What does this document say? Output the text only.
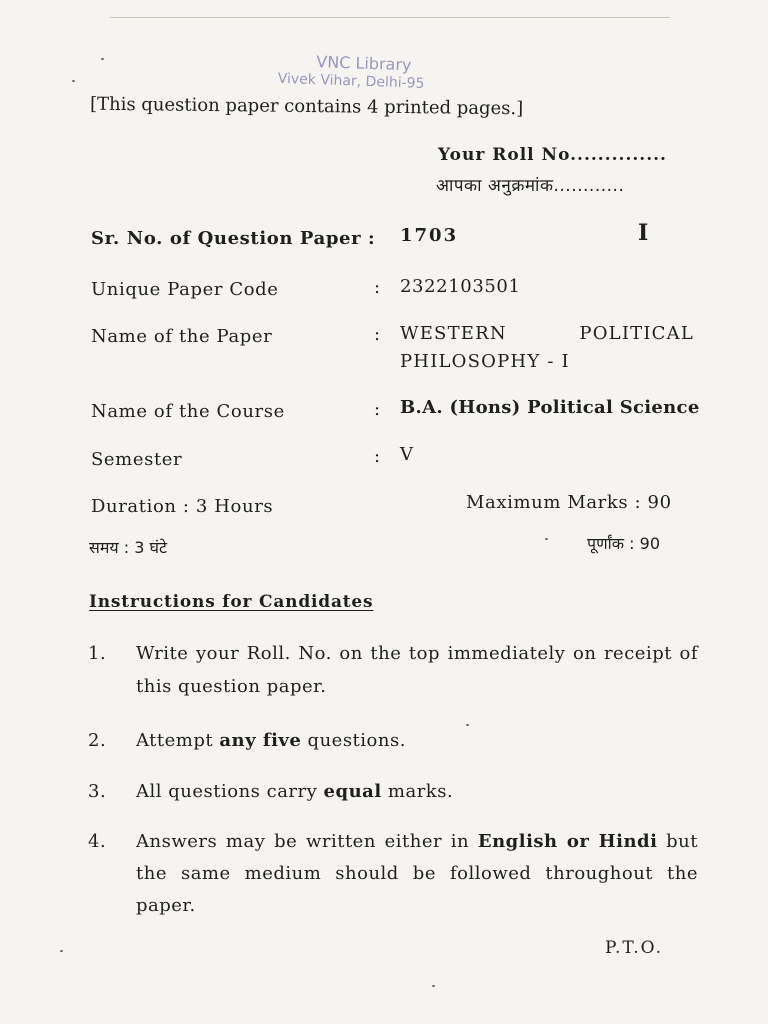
VNC Library
Vivek Vihar, Delhi-95
[This question paper contains 4 printed pages.]
Your Roll No..............
आपका अनुक्रमांक............
Sr. No. of Question Paper : 1703	I
Unique Paper Code	: 2322103501
Name of the Paper	: WESTERN POLITICAL
PHILOSOPHY - I
Name of the Course	: B.A. (Hons) Political Science
Semester	: V
Duration : 3 Hours	Maximum Marks : 90
समय : 3 घंटे	पूर्णांक : 90
Instructions for Candidates
1. Write your Roll. No. on the top immediately on receipt of this question paper.
2. Attempt any five questions.
3. All questions carry equal marks.
4. Answers may be written either in English or Hindi but the same medium should be followed throughout the paper.
P.T.O.
